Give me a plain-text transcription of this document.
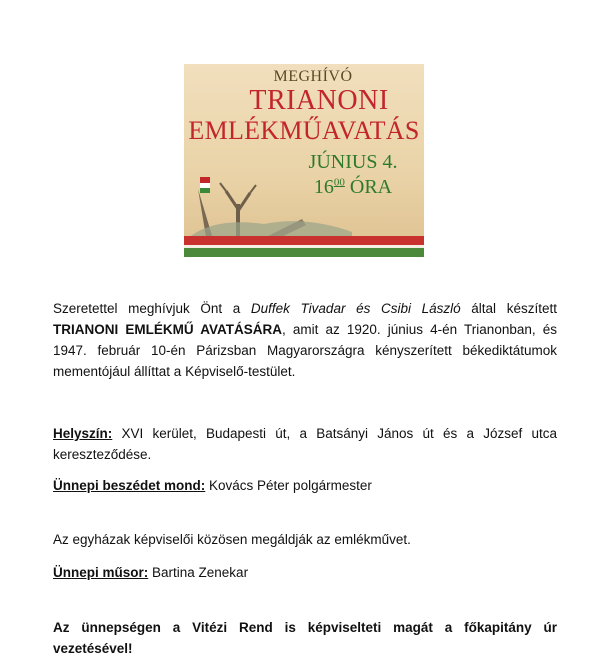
MEGHÍVÓ
TRIANONI
EMLÉKMŰAVATÁS
JÚNIUS 4.
$16^{00}$ ÓRA
Szeretettel meghívjuk Önt a Duffek Tivadar és Csibi László által készített
TRIANONI EMLÉKMŰ AVATÁSÁRA, amit az 1920. június 4-én Trianonban, és
1947. február 10-én Párizsban Magyarországra kényszerített békediktátumok
mementójául állíttat a Képviselő-testület.
Helyszín: XVI kerület, Budapesti út, a Batsányi János út és a József utca
kereszteződése.
Ünnepi beszédet mond: Kovács Péter polgármester
Az egyházak képviselői közösen megáldják az emlékművet.
Ünnepi műsor: Bartina Zenekar
Az ünnepségen a Vitézi Rend is képviselteti magát a főkapitány úr
vezetésével!
